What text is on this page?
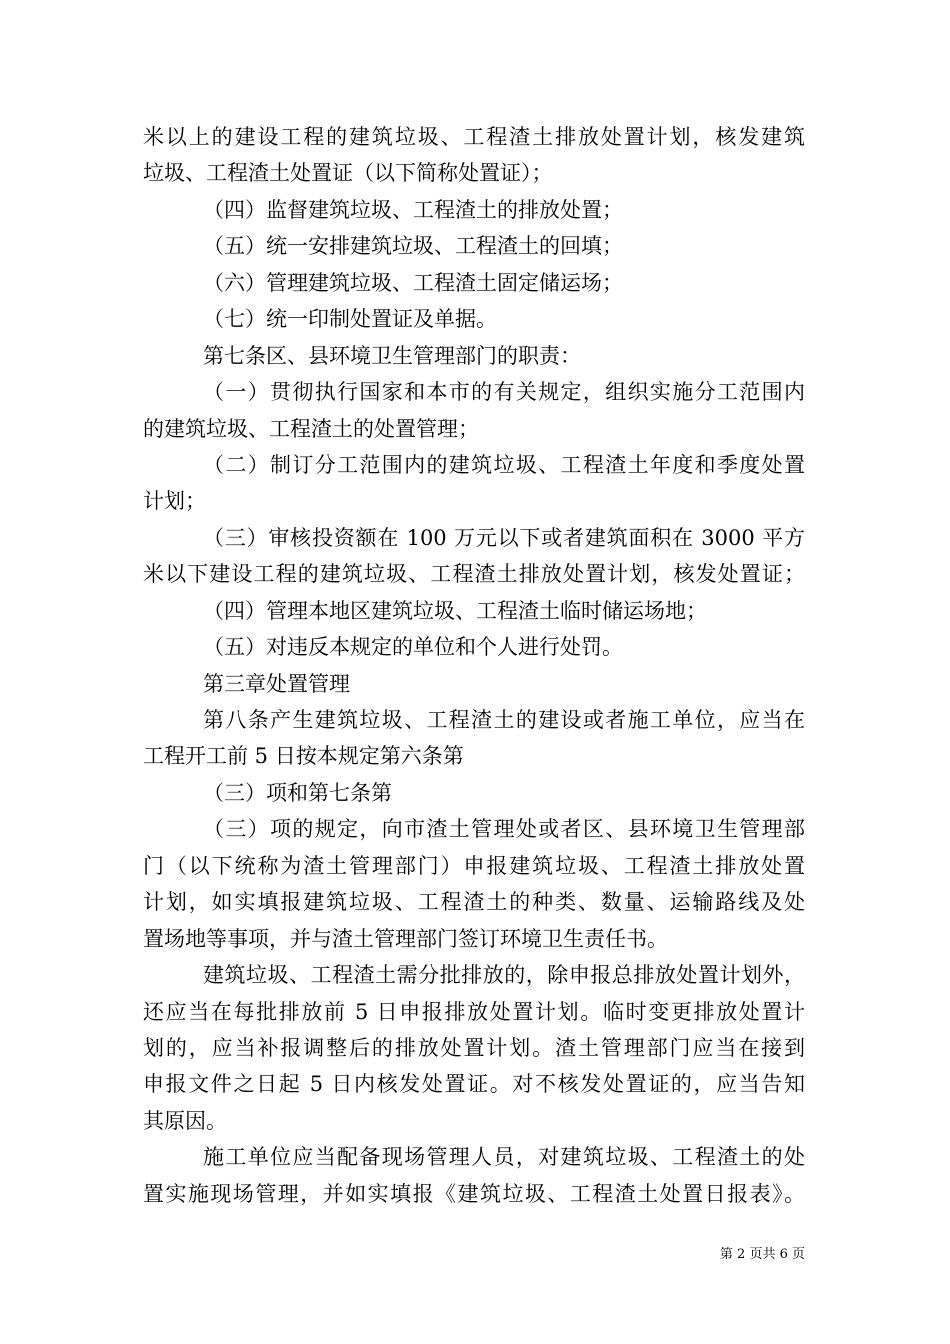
米以上的建设工程的建筑垃圾、工程渣土排放处置计划，核发建筑
垃圾、工程渣土处置证（以下简称处置证）；
（四）监督建筑垃圾、工程渣土的排放处置；
（五）统一安排建筑垃圾、工程渣土的回填；
（六）管理建筑垃圾、工程渣土固定储运场；
（七）统一印制处置证及单据。
第七条区、县环境卫生管理部门的职责：
（一）贯彻执行国家和本市的有关规定，组织实施分工范围内
的建筑垃圾、工程渣土的处置管理；
（二）制订分工范围内的建筑垃圾、工程渣土年度和季度处置
计划；
（三）审核投资额在 100 万元以下或者建筑面积在 3000 平方
米以下建设工程的建筑垃圾、工程渣土排放处置计划，核发处置证；
（四）管理本地区建筑垃圾、工程渣土临时储运场地；
（五）对违反本规定的单位和个人进行处罚。
第三章处置管理
第八条产生建筑垃圾、工程渣土的建设或者施工单位，应当在
工程开工前 5 日按本规定第六条第
（三）项和第七条第
（三）项的规定，向市渣土管理处或者区、县环境卫生管理部
门（以下统称为渣土管理部门）申报建筑垃圾、工程渣土排放处置
计划，如实填报建筑垃圾、工程渣土的种类、数量、运输路线及处
置场地等事项，并与渣土管理部门签订环境卫生责任书。
建筑垃圾、工程渣土需分批排放的，除申报总排放处置计划外，
还应当在每批排放前 5 日申报排放处置计划。临时变更排放处置计
划的，应当补报调整后的排放处置计划。渣土管理部门应当在接到
申报文件之日起 5 日内核发处置证。对不核发处置证的，应当告知
其原因。
施工单位应当配备现场管理人员，对建筑垃圾、工程渣土的处
置实施现场管理，并如实填报《建筑垃圾、工程渣土处置日报表》。
第 2 页共 6 页
